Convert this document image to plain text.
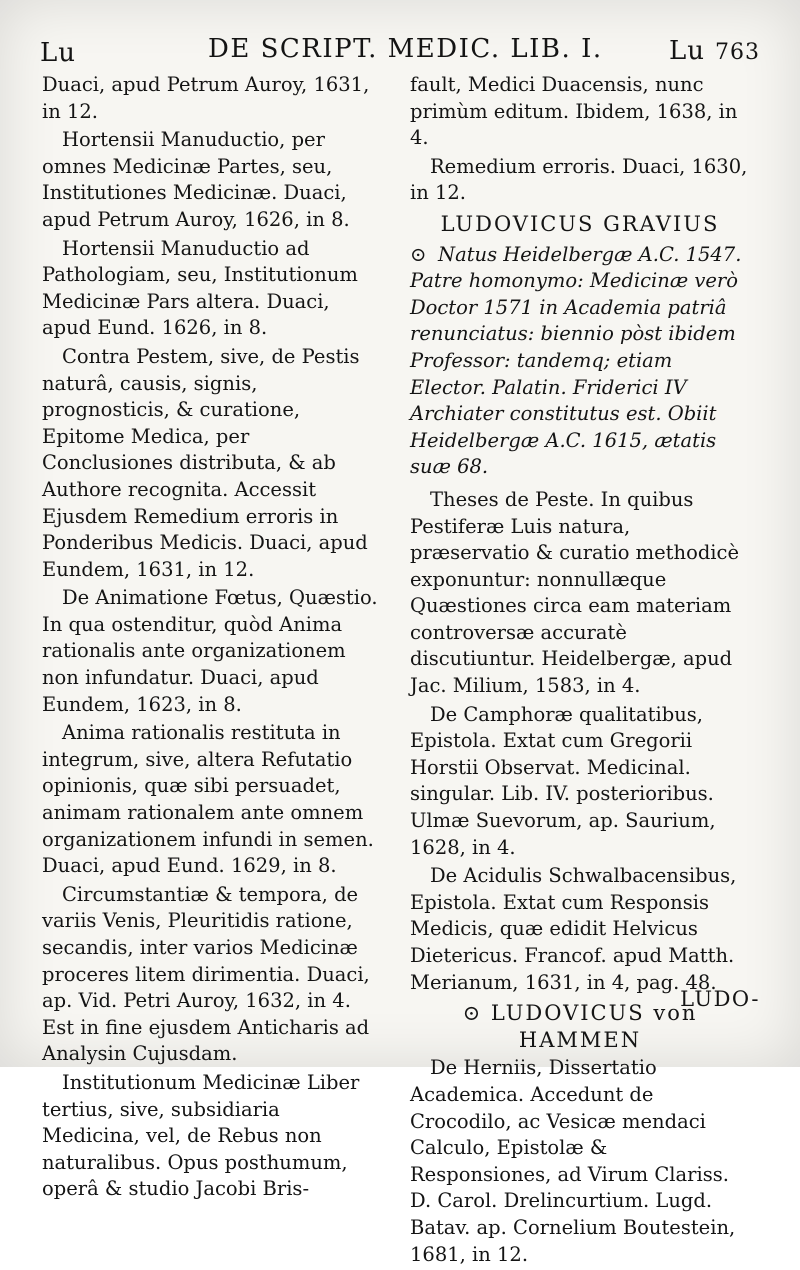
Lu	DE SCRIPT. MEDIC. LIB. I.	Lu 763

Duaci, apud Petrum Auroy, 1631, in 12.

Hortensii Manuductio, per omnes Medicinæ Partes, seu, Institutiones Medicinæ. Duaci, apud Petrum Auroy, 1626, in 8.

Hortensii Manuductio ad Pathologiam, seu, Institutionum Medicinæ Pars altera. Duaci, apud Eund. 1626, in 8.

Contra Pestem, sive, de Pestis naturâ, causis, signis, prognosticis, & curatione, Epitome Medica, per Conclusiones distributa, & ab Authore recognita. Accessit Ejusdem Remedium erroris in Ponderibus Medicis. Duaci, apud Eundem, 1631, in 12.

De Animatione Fœtus, Quæstio. In qua ostenditur, quòd Anima rationalis ante organizationem non infundatur. Duaci, apud Eundem, 1623, in 8.

Anima rationalis restituta in integrum, sive, altera Refutatio opinionis, quæ sibi persuadet, animam rationalem ante omnem organizationem infundi in semen. Duaci, apud Eund. 1629, in 8.

Circumstantiæ & tempora, de variis Venis, Pleuritidis ratione, secandis, inter varios Medicinæ proceres litem dirimentia. Duaci, ap. Vid. Petri Auroy, 1632, in 4. Est in fine ejusdem Anticharis ad Analysin Cujusdam.

Institutionum Medicinæ Liber tertius, sive, subsidiaria Medicina, vel, de Rebus non naturalibus. Opus posthumum, operâ & studio Jacobi Bris-

fault, Medici Duacensis, nunc primùm editum. Ibidem, 1638, in 4.

Remedium erroris. Duaci, 1630, in 12.

LUDOVICUS GRAVIUS
⊙ Natus Heidelbergæ A.C. 1547. Patre homonymo: Medicinæ verò Doctor 1571 in Academia patriâ renunciatus: biennio pòst ibidem Professor: tandemq; etiam Elector. Palatin. Friderici IV Archiater constitutus est. Obiit Heidelbergæ A.C. 1615, ætatis suæ 68.

Theses de Peste. In quibus Pestiferæ Luis natura, præservatio & curatio methodicè exponuntur: nonnullæque Quæstiones circa eam materiam controversæ accuratè discutiuntur. Heidelbergæ, apud Jac. Milium, 1583, in 4.

De Camphoræ qualitatibus, Epistola. Extat cum Gregorii Horstii Observat. Medicinal. singular. Lib. IV. posterioribus. Ulmæ Suevorum, ap. Saurium, 1628, in 4.

De Acidulis Schwalbacensibus, Epistola. Extat cum Responsis Medicis, quæ edidit Helvicus Dietericus. Francof. apud Matth. Merianum, 1631, in 4, pag. 48.

⊙ LUDOVICUS von HAMMEN

De Herniis, Dissertatio Academica. Accedunt de Crocodilo, ac Vesicæ mendaci Calculo, Epistolæ & Responsiones, ad Virum Clariss. D. Carol. Drelincurtium. Lugd. Batav. ap. Cornelium Boutestein, 1681, in 12.

LUDO-
